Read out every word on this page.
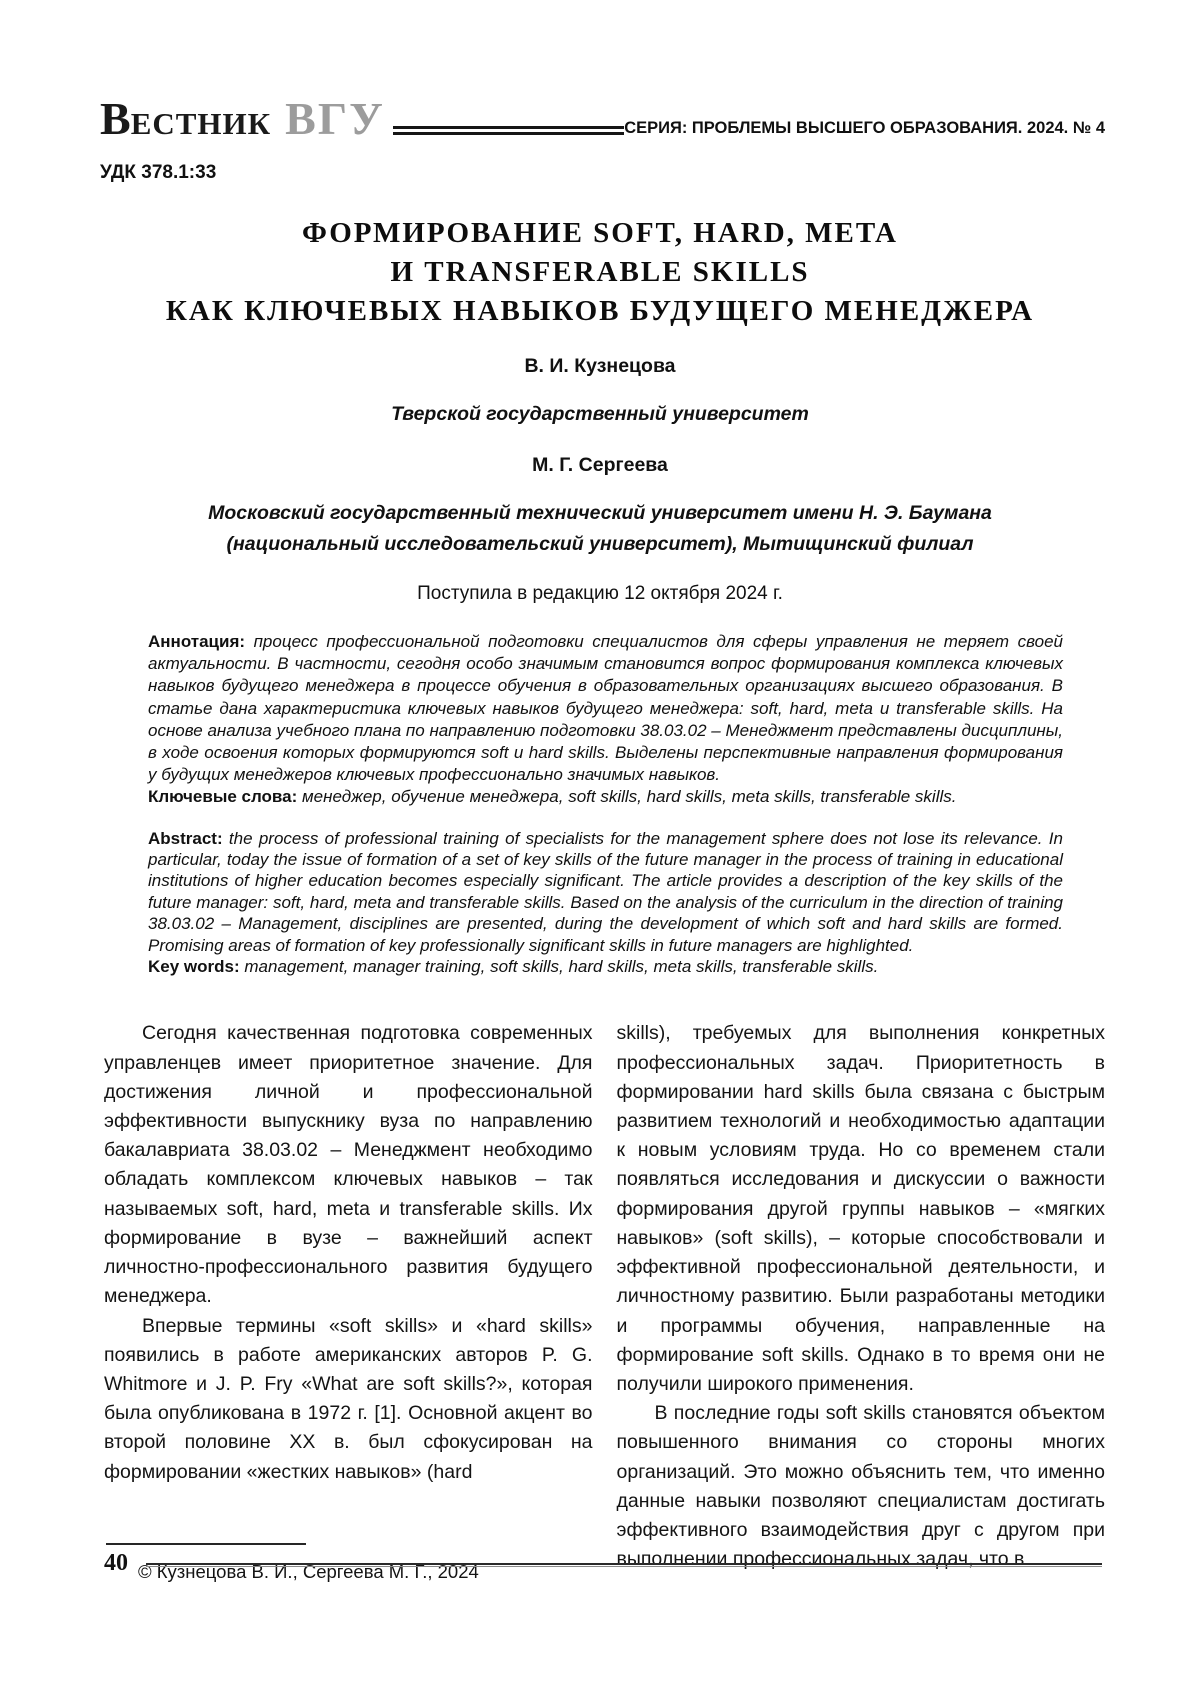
ВЕСТНИК ВГУ	СЕРИЯ: ПРОБЛЕМЫ ВЫСШЕГО ОБРАЗОВАНИЯ. 2024. № 4
УДК 378.1:33
ФОРМИРОВАНИЕ SOFT, HARD, META
И TRANSFERABLE SKILLS
КАК КЛЮЧЕВЫХ НАВЫКОВ БУДУЩЕГО МЕНЕДЖЕРА
В. И. Кузнецова
Тверской государственный университет
М. Г. Сергеева
Московский государственный технический университет имени Н. Э. Баумана
(национальный исследовательский университет), Мытищинский филиал
Поступила в редакцию 12 октября 2024 г.

Аннотация: процесс профессиональной подготовки специалистов для сферы управления не теряет своей актуальности. В частности, сегодня особо значимым становится вопрос формирования комплекса ключевых навыков будущего менеджера в процессе обучения в образовательных организациях высшего образования. В статье дана характеристика ключевых навыков будущего менеджера: soft, hard, meta и transferable skills. На основе анализа учебного плана по направлению подготовки 38.03.02 – Менеджмент представлены дисциплины, в ходе освоения которых формируются soft и hard skills. Выделены перспективные направления формирования у будущих менеджеров ключевых профессионально значимых навыков.

Ключевые слова: менеджер, обучение менеджера, soft skills, hard skills, meta skills, transferable skills.

Abstract: the process of professional training of specialists for the management sphere does not lose its relevance. In particular, today the issue of formation of a set of key skills of the future manager in the process of training in educational institutions of higher education becomes especially significant. The article provides a description of the key skills of the future manager: soft, hard, meta and transferable skills. Based on the analysis of the curriculum in the direction of training 38.03.02 – Management, disciplines are presented, during the development of which soft and hard skills are formed. Promising areas of formation of key professionally significant skills in future managers are highlighted.

Key words: management, manager training, soft skills, hard skills, meta skills, transferable skills.

Сегодня качественная подготовка современных управленцев имеет приоритетное значение. Для достижения личной и профессиональной эффективности выпускнику вуза по направлению бакалавриата 38.03.02 – Менеджмент необходимо обладать комплексом ключевых навыков – так называемых soft, hard, meta и transferable skills. Их формирование в вузе – важнейший аспект личностно-профессионального развития будущего менеджера.

Впервые термины «soft skills» и «hard skills» появились в работе американских авторов P. G. Whitmore и J. P. Fry «What are soft skills?», которая была опубликована в 1972 г. [1]. Основной акцент во второй половине XX в. был сфокусирован на формировании «жестких навыков» (hard

© Кузнецова В. И., Сергеева М. Г., 2024

skills), требуемых для выполнения конкретных профессиональных задач. Приоритетность в формировании hard skills была связана с быстрым развитием технологий и необходимостью адаптации к новым условиям труда. Но со временем стали появляться исследования и дискуссии о важности формирования другой группы навыков – «мягких навыков» (soft skills), – которые способствовали и эффективной профессиональной деятельности, и личностному развитию. Были разработаны методики и программы обучения, направленные на формирование soft skills. Однако в то время они не получили широкого применения.

В последние годы soft skills становятся объектом повышенного внимания со стороны многих организаций. Это можно объяснить тем, что именно данные навыки позволяют специалистам достигать эффективного взаимодействия друг с другом при выполнении профессиональных задач, что в

40
